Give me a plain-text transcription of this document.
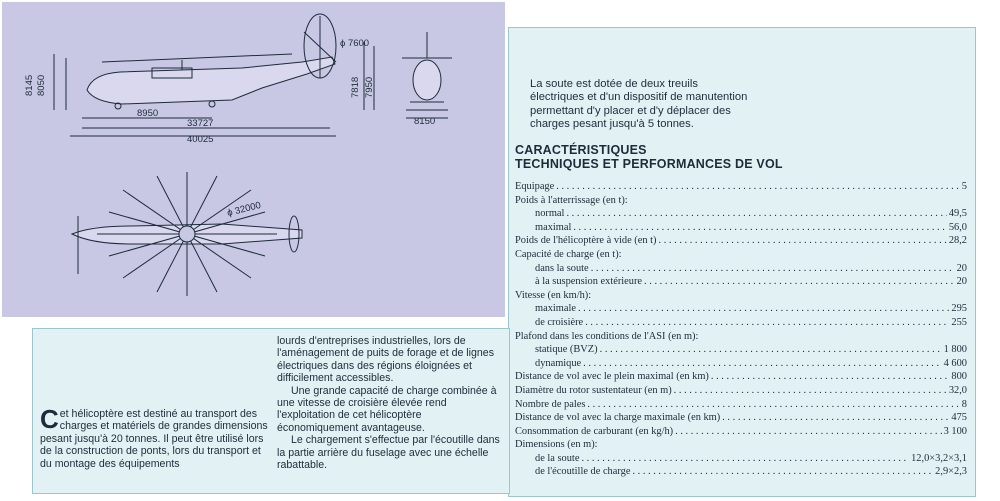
8145 8050
ϕ 7600
7818 7950
8950
33727
40025
8150
ϕ 32000
La soute est dotée de deux treuils électriques et d'un dispositif de manutention permettant d'y placer et d'y déplacer des charges pesant jusqu'à 5 tonnes.
CARACTÉRISTIQUES
TECHNIQUES ET PERFORMANCES DE VOL
Equipage . . .	5
Poids à l'atterrissage (en t):
normal . . .	49,5
maximal . . .	56,0
Poids de l'hélicoptère à vide (en t) . . .	28,2
Capacité de charge (en t):
dans la soute . . .	20
à la suspension extérieure . . .	20
Vitesse (en km/h):
maximale . . .	295
de croisière . . .	255
Plafond dans les conditions de l'ASI (en m):
statique (BVZ) . . .	1 800
dynamique . . .	4 600
Distance de vol avec le plein maximal (en km) . . .	800
Diamètre du rotor sustentateur (en m) . . .	32,0
Nombre de pales . . .	8
Distance de vol avec la charge maximale (en km) . . .	475
Consommation de carburant (en kg/h) . . .	3 100
Dimensions (en m):
de la soute . . .	12,0×3,2×3,1
de l'écoutille de charge . . .	2,9×2,3

Cet hélicoptère est destiné au transport des charges et matériels de grandes dimensions pesant jusqu'à 20 tonnes. Il peut être utilisé lors de la construction de ponts, lors du transport et du montage des équipements

lourds d'entreprises industrielles, lors de l'aménagement de puits de forage et de lignes électriques dans des régions éloignées et difficilement accessibles.

Une grande capacité de charge combinée à une vitesse de croisière élevée rend l'exploitation de cet hélicoptère économiquement avantageuse.

Le chargement s'effectue par l'écoutille dans la partie arrière du fuselage avec une échelle rabattable.
